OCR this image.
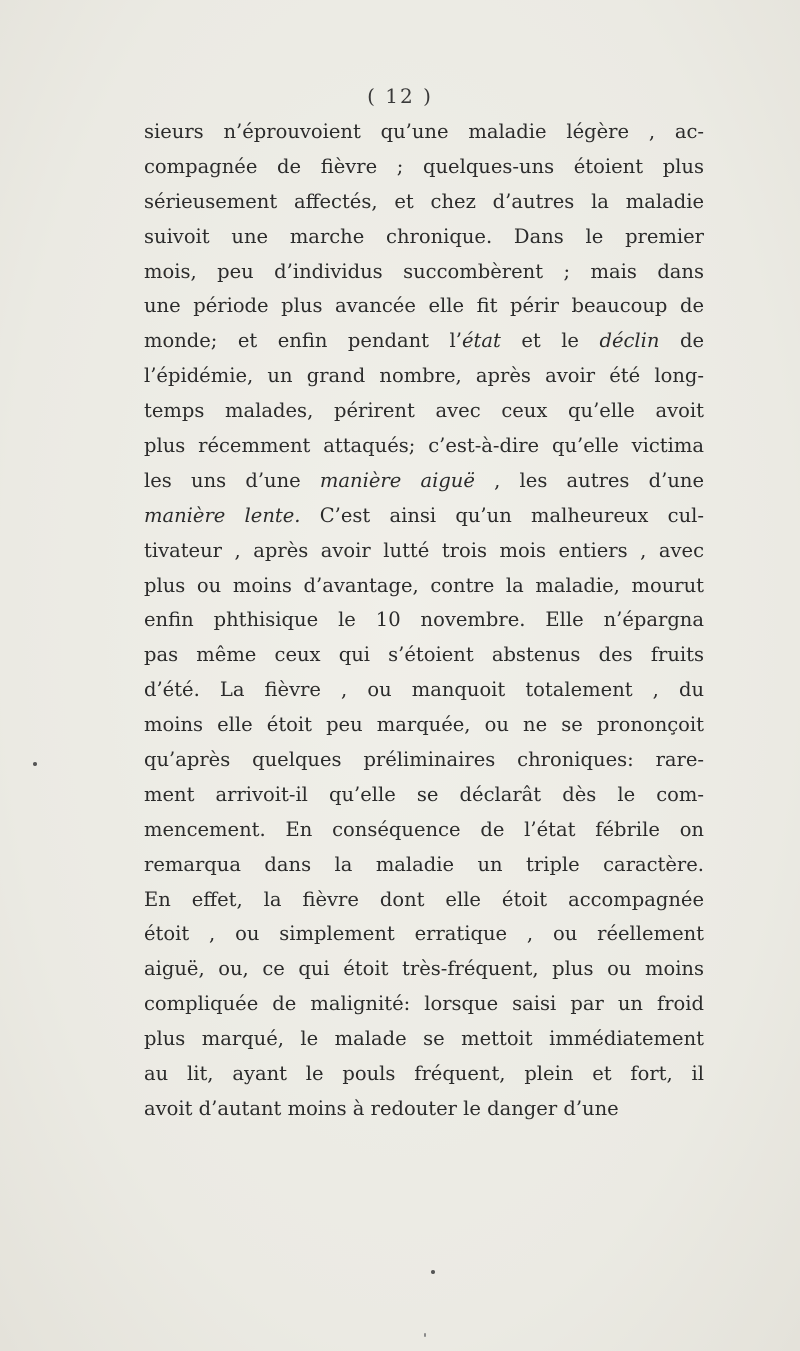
( 12 )
sieurs n’éprouvoient qu’une maladie légère , ac-
compagnée de fièvre ; quelques-uns étoient plus
sérieusement affectés, et chez d’autres la maladie
suivoit une marche chronique. Dans le premier
mois, peu d’individus succombèrent ; mais dans
une période plus avancée elle fit périr beaucoup de
monde; et enfin pendant l’état et le déclin de
l’épidémie, un grand nombre, après avoir été long-
temps malades, périrent avec ceux qu’elle avoit
plus récemment attaqués; c’est-à-dire qu’elle victima
les uns d’une manière aiguë , les autres d’une
manière lente. C’est ainsi qu’un malheureux cul-
tivateur , après avoir lutté trois mois entiers , avec
plus ou moins d’avantage, contre la maladie, mourut
enfin phthisique le 10 novembre. Elle n’épargna
pas même ceux qui s’étoient abstenus des fruits
d’été. La fièvre , ou manquoit totalement , du
moins elle étoit peu marquée, ou ne se prononçoit
qu’après quelques préliminaires chroniques: rare-
ment arrivoit-il qu’elle se déclarât dès le com-
mencement. En conséquence de l’état fébrile on
remarqua dans la maladie un triple caractère.
En effet, la fièvre dont elle étoit accompagnée
étoit , ou simplement erratique , ou réellement
aiguë, ou, ce qui étoit très-fréquent, plus ou moins
compliquée de malignité: lorsque saisi par un froid
plus marqué, le malade se mettoit immédiatement
au lit, ayant le pouls fréquent, plein et fort, il
avoit d’autant moins à redouter le danger d’une
